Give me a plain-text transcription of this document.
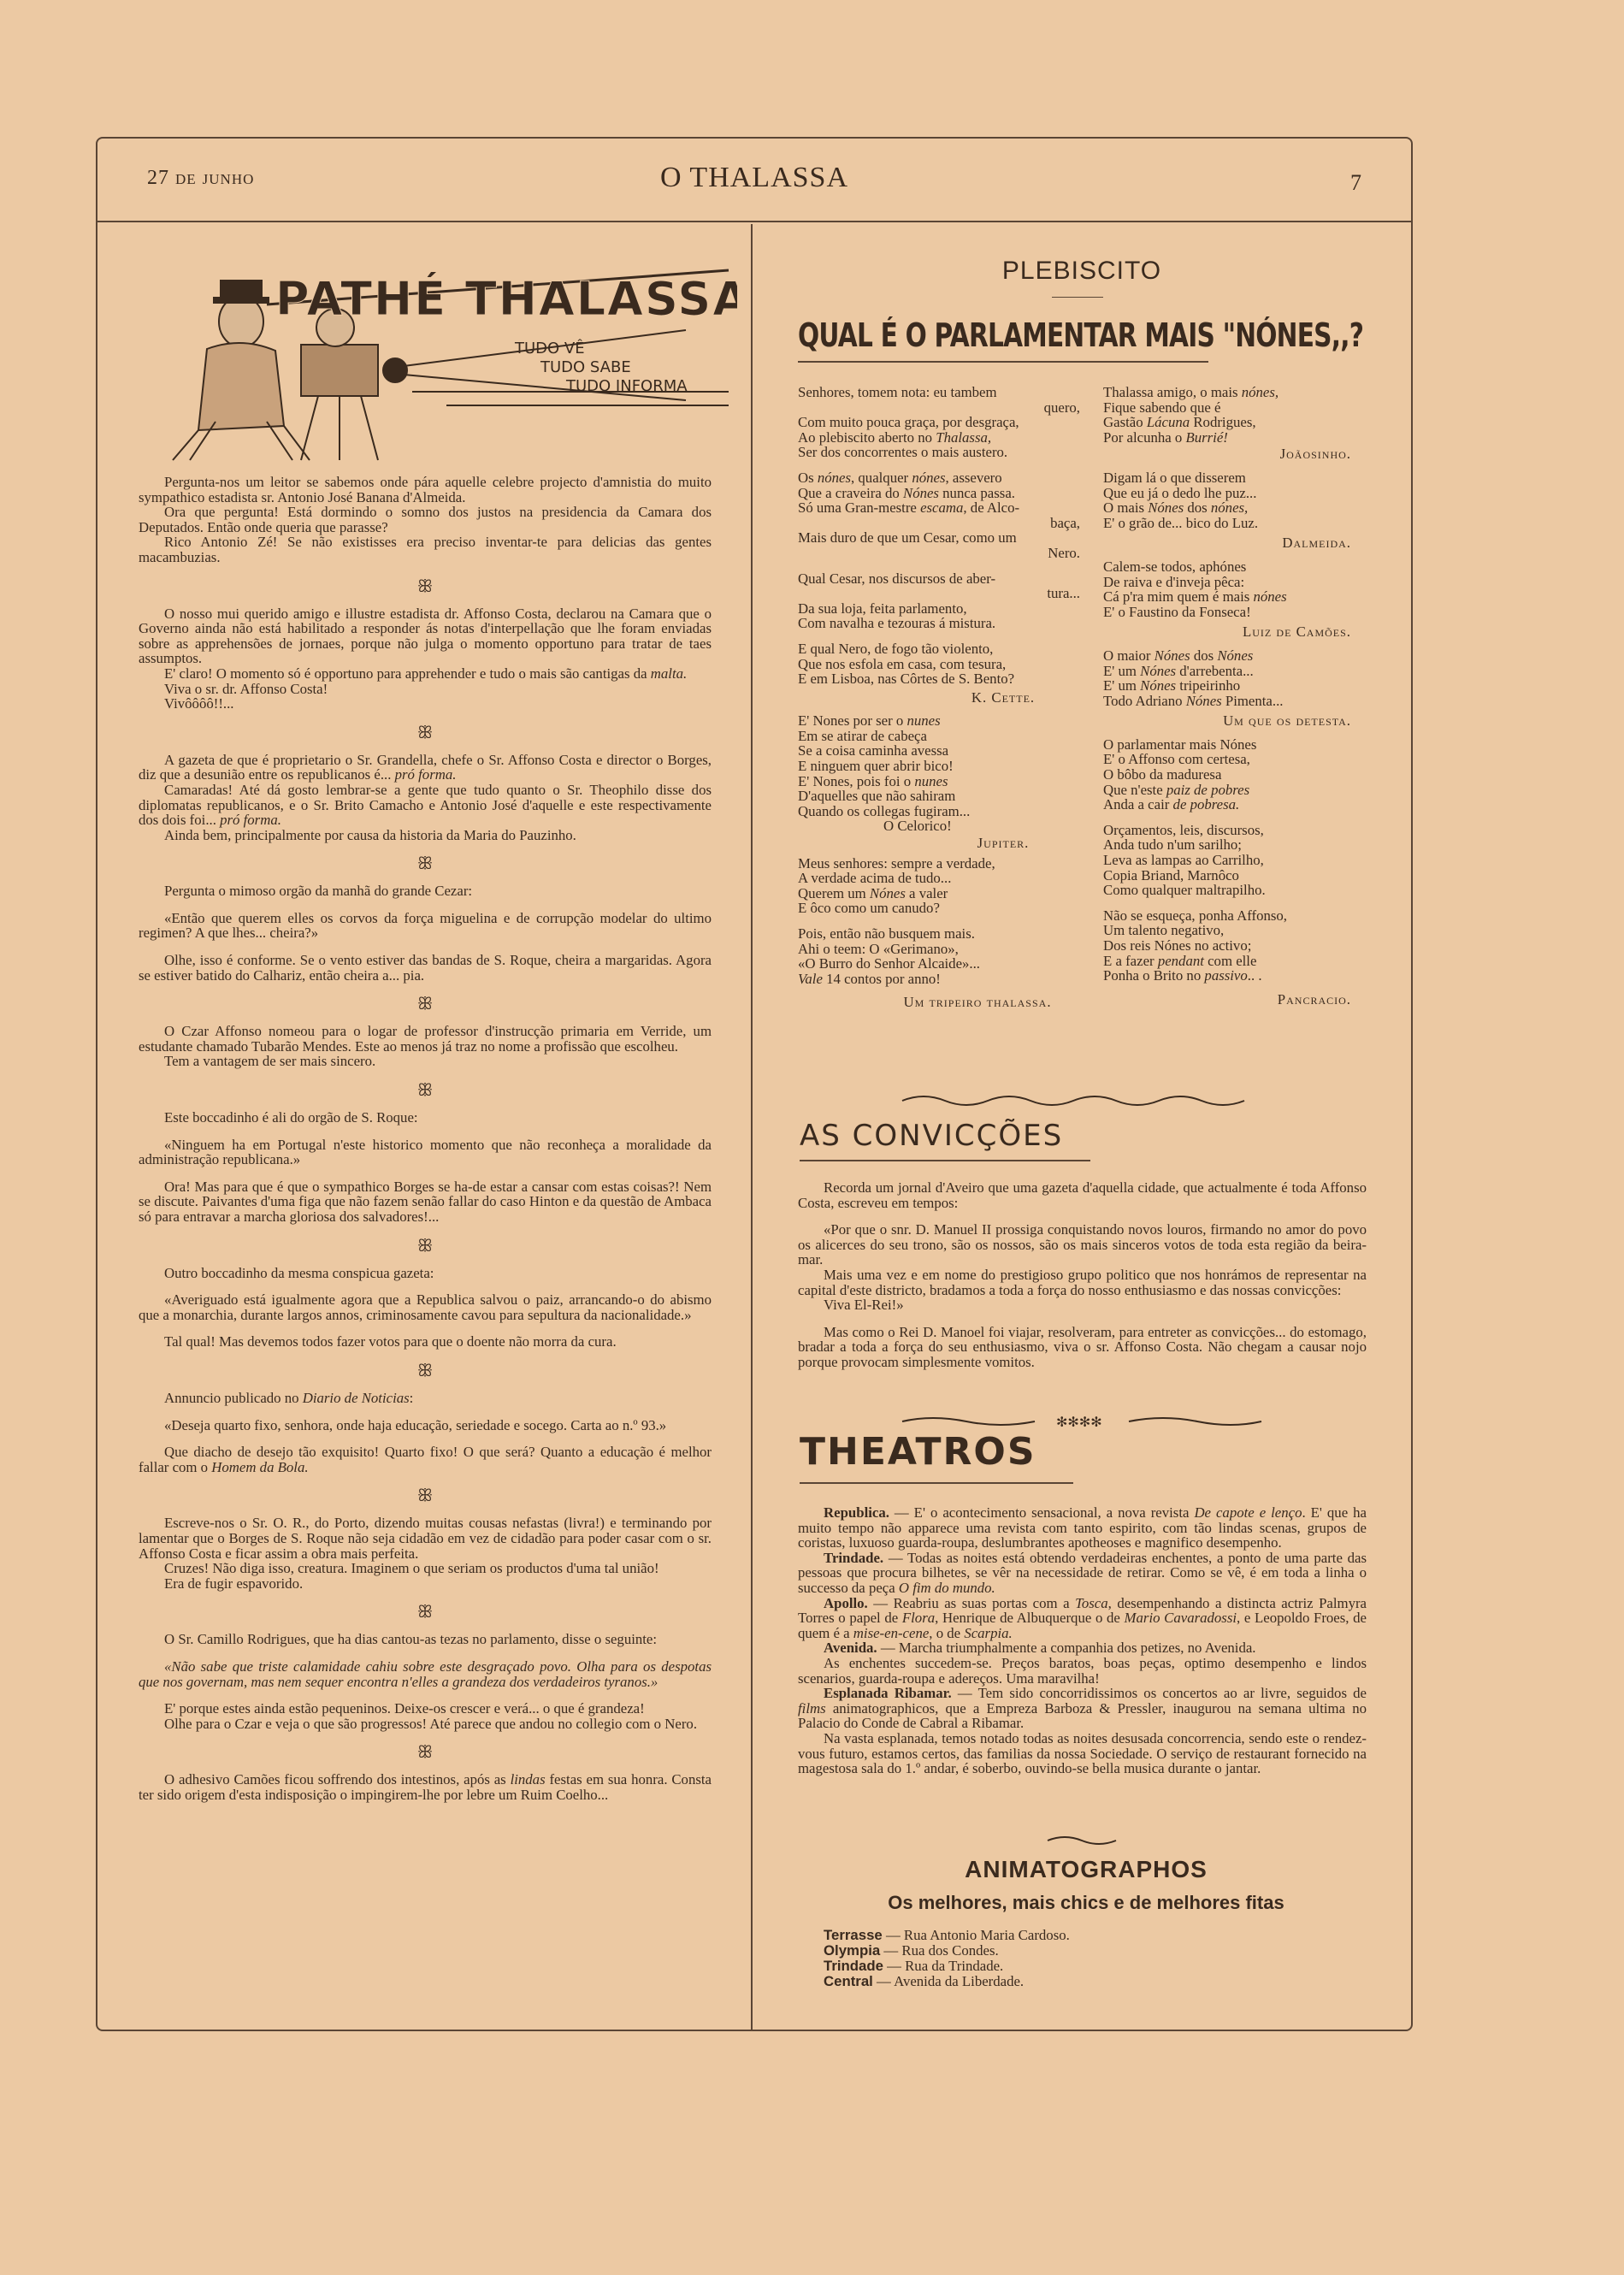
27 de junho	O THALASSA	7
PATHÉ THALASSA
TUDO VÊ
TUDO SABE
TUDO INFORMA

Pergunta-nos um leitor se sabemos onde pára aquelle celebre projecto d'amnistia do muito sympathico estadista sr. Antonio José Banana d'Almeida.

Ora que pergunta! Está dormindo o somno dos justos na presidencia da Camara dos Deputados. Então onde queria que parasse?

Rico Antonio Zé! Se não existisses era preciso inventar-te para delicias das gentes macambuzias.

ꕥ

O nosso mui querido amigo e illustre estadista dr. Affonso Costa, declarou na Camara que o Governo ainda não está habilitado a responder ás notas d'interpellação que lhe foram enviadas sobre as apprehensões de jornaes, porque não julga o momento opportuno para tratar de taes assumptos.

E' claro! O momento só é opportuno para apprehender e tudo o mais são cantigas da malta.

Viva o sr. dr. Affonso Costa!

Vivôôôô!!...

ꕥ

A gazeta de que é proprietario o Sr. Grandella, chefe o Sr. Affonso Costa e director o Borges, diz que a desunião entre os republicanos é... pró forma.

Camaradas! Até dá gosto lembrar-se a gente que tudo quanto o Sr. Theophilo disse dos diplomatas republicanos, e o Sr. Brito Camacho e Antonio José d'aquelle e este respectivamente dos dois foi... pró forma.

Ainda bem, principalmente por causa da historia da Maria do Pauzinho.

ꕥ

Pergunta o mimoso orgão da manhã do grande Cezar:

«Então que querem elles os corvos da força miguelina e de corrupção modelar do ultimo regimen? A que lhes... cheira?»

Olhe, isso é conforme. Se o vento estiver das bandas de S. Roque, cheira a margaridas. Agora se estiver batido do Calhariz, então cheira a... pia.

ꕥ

O Czar Affonso nomeou para o logar de professor d'instrucção primaria em Verride, um estudante chamado Tubarão Mendes. Este ao menos já traz no nome a profissão que escolheu.

Tem a vantagem de ser mais sincero.

ꕥ

Este boccadinho é ali do orgão de S. Roque:

«Ninguem ha em Portugal n'este historico momento que não reconheça a moralidade da administração republicana.»

Ora! Mas para que é que o sympathico Borges se ha-de estar a cansar com estas coisas?! Nem se discute. Paivantes d'uma figa que não fazem senão fallar do caso Hinton e da questão de Ambaca só para entravar a marcha gloriosa dos salvadores!...

ꕥ

Outro boccadinho da mesma conspicua gazeta:

«Averiguado está igualmente agora que a Republica salvou o paiz, arrancando-o do abismo que a monarchia, durante largos annos, criminosamente cavou para sepultura da nacionalidade.»

Tal qual! Mas devemos todos fazer votos para que o doente não morra da cura.

ꕥ

Annuncio publicado no Diario de Noticias:

«Deseja quarto fixo, senhora, onde haja educação, seriedade e socego. Carta ao n.º 93.»

Que diacho de desejo tão exquisito! Quarto fixo! O que será? Quanto a educação é melhor fallar com o Homem da Bola.

ꕥ

Escreve-nos o Sr. O. R., do Porto, dizendo muitas cousas nefastas (livra!) e terminando por lamentar que o Borges de S. Roque não seja cidadão em vez de cidadão para poder casar com o sr. Affonso Costa e ficar assim a obra mais perfeita.

Cruzes! Não diga isso, creatura. Imaginem o que seriam os productos d'uma tal união!

Era de fugir espavorido.

ꕥ

O Sr. Camillo Rodrigues, que ha dias cantou-as tezas no parlamento, disse o seguinte:

«Não sabe que triste calamidade cahiu sobre este desgraçado povo. Olha para os despotas que nos governam, mas nem sequer encontra n'elles a grandeza dos verdadeiros tyranos.»

E' porque estes ainda estão pequeninos. Deixe-os crescer e verá... o que é grandeza!

Olhe para o Czar e veja o que são progressos! Até parece que andou no collegio com o Nero.

ꕥ

O adhesivo Camões ficou soffrendo dos intestinos, após as lindas festas em sua honra. Consta ter sido origem d'esta indisposição o impingirem-lhe por lebre um Ruim Coelho...

PLEBISCITO
QUAL É O PARLAMENTAR MAIS "NÓNES,,?
Senhores, tomem nota: eu tambem
quero,
Com muito pouca graça, por desgraça,
Ao plebiscito aberto no Thalassa,
Ser dos concorrentes o mais austero.
Os nónes, qualquer nónes, assevero
Que a craveira do Nónes nunca passa.
Só uma Gran-mestre escama, de Alco-
baça,
Mais duro de que um Cesar, como um
Nero.
Qual Cesar, nos discursos de aber-
tura...
Da sua loja, feita parlamento,
Com navalha e tezouras á mistura.
E qual Nero, de fogo tão violento,
Que nos esfola em casa, com tesura,
E em Lisboa, nas Côrtes de S. Bento?
K. Cette.
E' Nones por ser o nunes
Em se atirar de cabeça
Se a coisa caminha avessa
E ninguem quer abrir bico!
E' Nones, pois foi o nunes
D'aquelles que não sahiram
Quando os collegas fugiram...
O Celorico!
Jupiter.
Meus senhores: sempre a verdade,
A verdade acima de tudo...
Querem um Nónes a valer
E ôco como um canudo?
Pois, então não busquem mais.
Ahi o teem: O «Gerimano»,
«O Burro do Senhor Alcaide»...
Vale 14 contos por anno!
Um tripeiro thalassa.
Thalassa amigo, o mais nónes,
Fique sabendo que é
Gastão Lácuna Rodrigues,
Por alcunha o Burrié!
Joãosinho.
Digam lá o que disserem
Que eu já o dedo lhe puz...
O mais Nónes dos nónes,
E' o grão de... bico do Luz.
Dalmeida.
Calem-se todos, aphónes
De raiva e d'inveja pêca:
Cá p'ra mim quem é mais nónes
E' o Faustino da Fonseca!
Luiz de Camões.
O maior Nónes dos Nónes
E' um Nónes d'arrebenta...
E' um Nónes tripeirinho
Todo Adriano Nónes Pimenta...
Um que os detesta.
O parlamentar mais Nónes
E' o Affonso com certesa,
O bôbo da maduresa
Que n'este paiz de pobres
Anda a cair de pobresa.
Orçamentos, leis, discursos,
Anda tudo n'um sarilho;
Leva as lampas ao Carrilho,
Copia Briand, Marnôco
Como qualquer maltrapilho.
Não se esqueça, ponha Affonso,
Um talento negativo,
Dos reis Nónes no activo;
E a fazer pendant com elle
Ponha o Brito no passivo.. .
Pancracio.
AS CONVICÇÕES

Recorda um jornal d'Aveiro que uma gazeta d'aquella cidade, que actualmente é toda Affonso Costa, escreveu em tempos:

«Por que o snr. D. Manuel II prossiga conquistando novos louros, firmando no amor do povo os alicerces do seu trono, são os nossos, são os mais sinceros votos de toda esta região da beira-mar.

Mais uma vez e em nome do prestigioso grupo politico que nos honrámos de representar na capital d'este districto, bradamos a toda a força do nosso enthusiasmo e das nossas convicções:

Viva El-Rei!»

Mas como o Rei D. Manoel foi viajar, resolveram, para entreter as convicções... do estomago, bradar a toda a força do seu enthusiasmo, viva o sr. Affonso Costa. Não chegam a causar nojo porque provocam simplesmente vomitos.

✻✻✻✻
THEATROS

Republica. — E' o acontecimento sensacional, a nova revista De capote e lenço. E' que ha muito tempo não apparece uma revista com tanto espirito, com tão lindas scenas, grupos de coristas, luxuoso guarda-roupa, deslumbrantes apotheoses e magnifico desempenho.

Trindade. — Todas as noites está obtendo verdadeiras enchentes, a ponto de uma parte das pessoas que procura bilhetes, se vêr na necessidade de retirar. Como se vê, é em toda a linha o successo da peça O fim do mundo.

Apollo. — Reabriu as suas portas com a Tosca, desempenhando a distincta actriz Palmyra Torres o papel de Flora, Henrique de Albuquerque o de Mario Cavaradossi, e Leopoldo Froes, de quem é a mise-en-cene, o de Scarpia.

Avenida. — Marcha triumphalmente a companhia dos petizes, no Avenida.

As enchentes succedem-se. Preços baratos, boas peças, optimo desempenho e lindos scenarios, guarda-roupa e adereços. Uma maravilha!

Esplanada Ribamar. — Tem sido concorridissimos os concertos ao ar livre, seguidos de films animatographicos, que a Empreza Barboza & Pressler, inaugurou na semana ultima no Palacio do Conde de Cabral a Ribamar.

Na vasta esplanada, temos notado todas as noites desusada concorrencia, sendo este o rendez-vous futuro, estamos certos, das familias da nossa Sociedade. O serviço de restaurant fornecido na magestosa sala do 1.º andar, é soberbo, ouvindo-se bella musica durante o jantar.

ANIMATOGRAPHOS
Os melhores, mais chics e de melhores fitas
Terrasse — Rua Antonio Maria Cardoso.
Olympia — Rua dos Condes.
Trindade — Rua da Trindade.
Central — Avenida da Liberdade.
